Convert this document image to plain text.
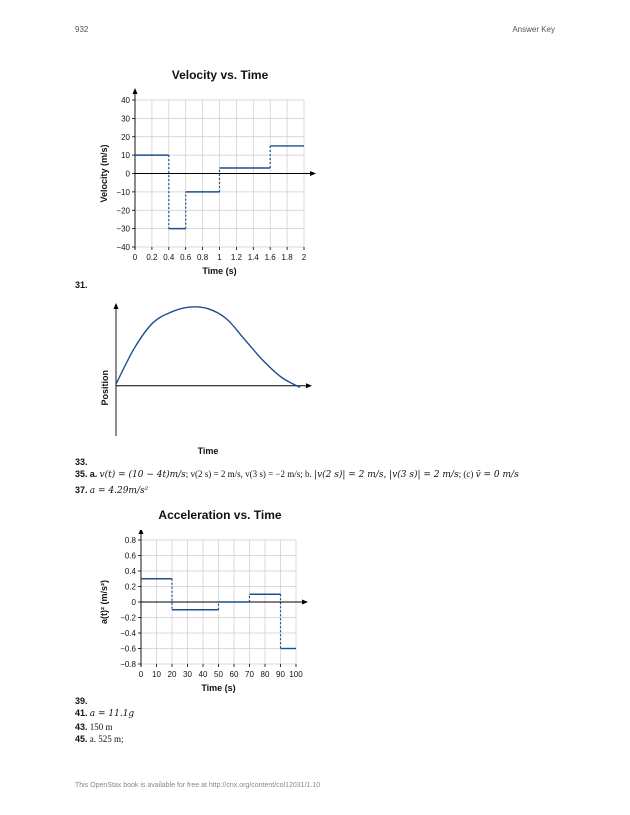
932	Answer Key
Velocity vs. Time
40
30
20
10
0
−10
−20
−30
−40
0 0.2 0.4 0.6 0.8 1 1.2 1.4 1.6 1.8 2
Time (s)
Velocity (m/s)
31.
Time
Position
33.
35. a. v(t) = (10 − 4t)m/s; v(2 s) = 2 m/s, v(3 s) = −2 m/s; b. |v(2 s)| = 2 m/s, |v(3 s)| = 2 m/s; (c) v̄ = 0 m/s
37. a = 4.29m/s²
Acceleration vs. Time
0.8
0.6
0.4
0.2
0
−0.2
−0.4
−0.6
−0.8
0 10 20 30 40 50 60 70 80 90 100
Time (s)
a(t)² (m/s²)
39.
41. a = 11.1g
43. 150 m
45. a. 525 m;
This OpenStax book is available for free at http://cnx.org/content/col12031/1.10
